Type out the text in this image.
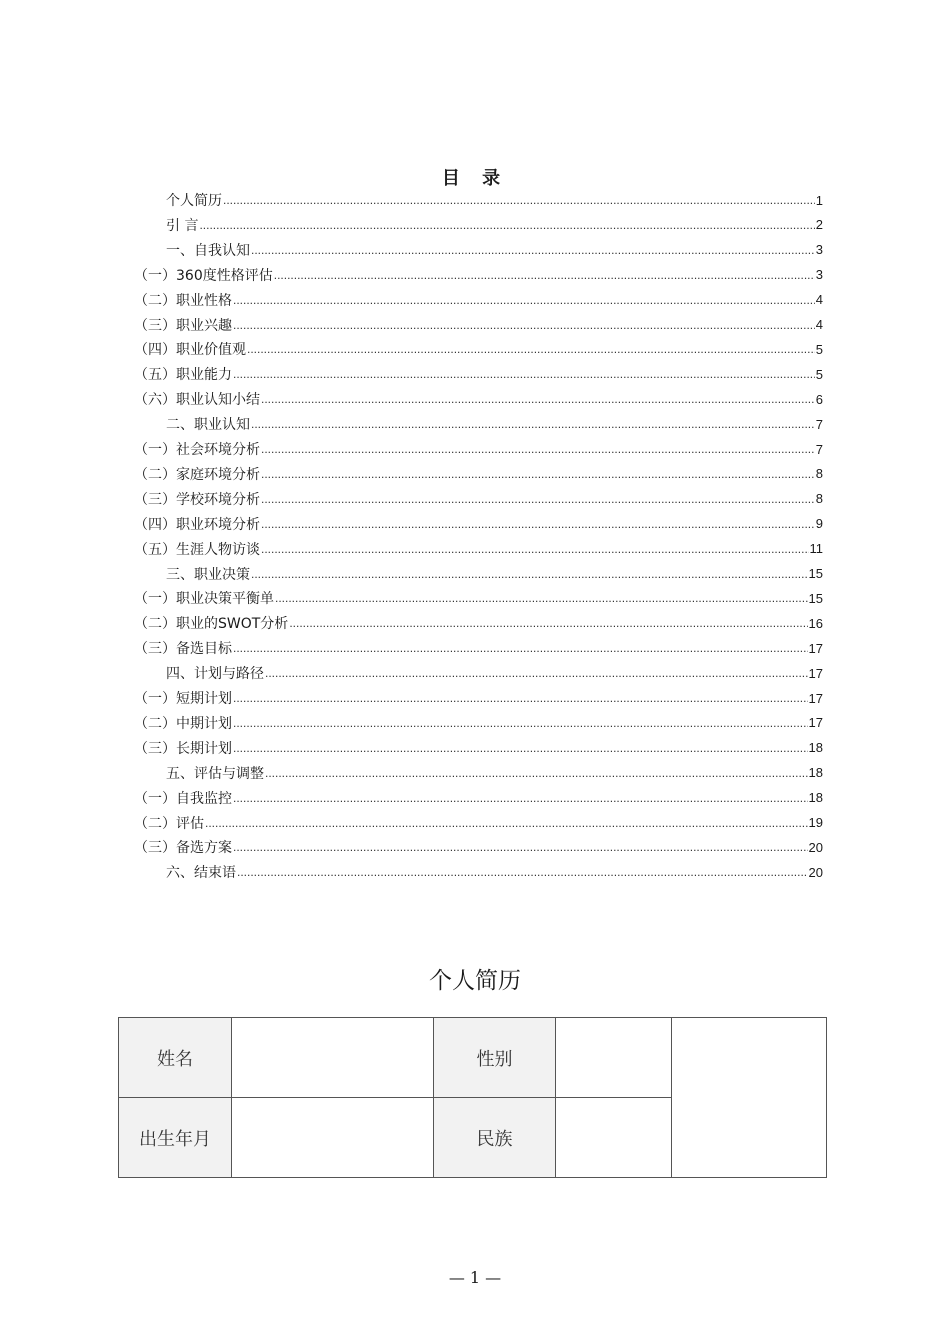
目 录
个人简历 .....	1
引 言 .....	2
一、自我认知 .....	3
（一）360度性格评估 .....	3
（二）职业性格 .....	4
（三）职业兴趣 .....	4
（四）职业价值观 .....	5
（五）职业能力 .....	5
（六）职业认知小结 .....	6
二、职业认知 .....	7
（一）社会环境分析 .....	7
（二）家庭环境分析 .....	8
（三）学校环境分析 .....	8
（四）职业环境分析 .....	9
（五）生涯人物访谈 .....	11
三、职业决策 .....	15
（一）职业决策平衡单 .....	15
（二）职业的SWOT分析 .....	16
（三）备选目标 .....	17
四、计划与路径 .....	17
（一）短期计划 .....	17
（二）中期计划 .....	17
（三）长期计划 .....	18
五、评估与调整 .....	18
（一）自我监控 .....	18
（二）评估 .....	19
（三）备选方案 .....	20
六、结束语 .....	20
个人简历
姓名		性别		
出生年月		民族		
— 1 —
